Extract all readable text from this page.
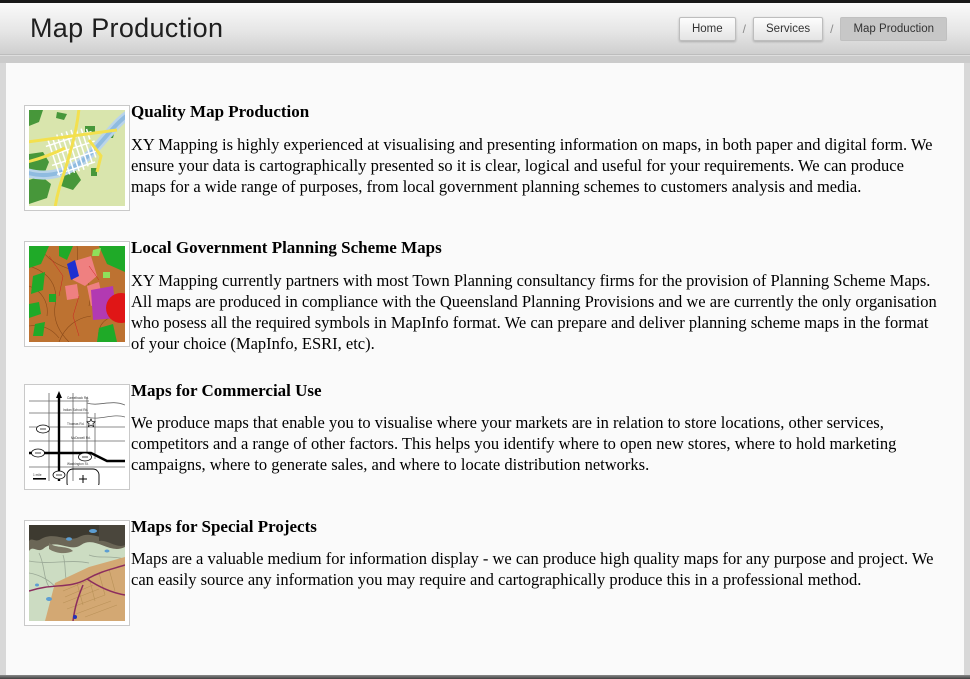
Map Production	Home	/	Services	/	Map Production
Quality Map Production

XY Mapping is highly experienced at visualising and presenting information on maps, in both paper and digital form. We ensure your data is cartographically presented so it is clear, logical and useful for your requirements. We can produce maps for a wide range of purposes, from local government planning schemes to customers analysis and media.

Local Government Planning Scheme Maps

XY Mapping currently partners with most Town Planning consultancy firms for the provision of Planning Scheme Maps. All maps are produced in compliance with the Queensland Planning Provisions and we are currently the only organisation who posess all the required symbols in MapInfo format. We can prepare and deliver planning scheme maps in the format of your choice (MapInfo, ESRI, etc).

Camelback Rd.
Indian School Rd.
Thomas Rd.
McDowell Rd.
Washington St.
1 mile
Maps for Commercial Use

We produce maps that enable you to visualise where your markets are in relation to store locations, other services, competitors and a range of other factors. This helps you identify where to open new stores, where to hold marketing campaigns, where to generate sales, and where to locate distribution networks.

Maps for Special Projects

Maps are a valuable medium for information display - we can produce high quality maps for any purpose and project. We can easily source any information you may require and cartographically produce this in a professional method.
